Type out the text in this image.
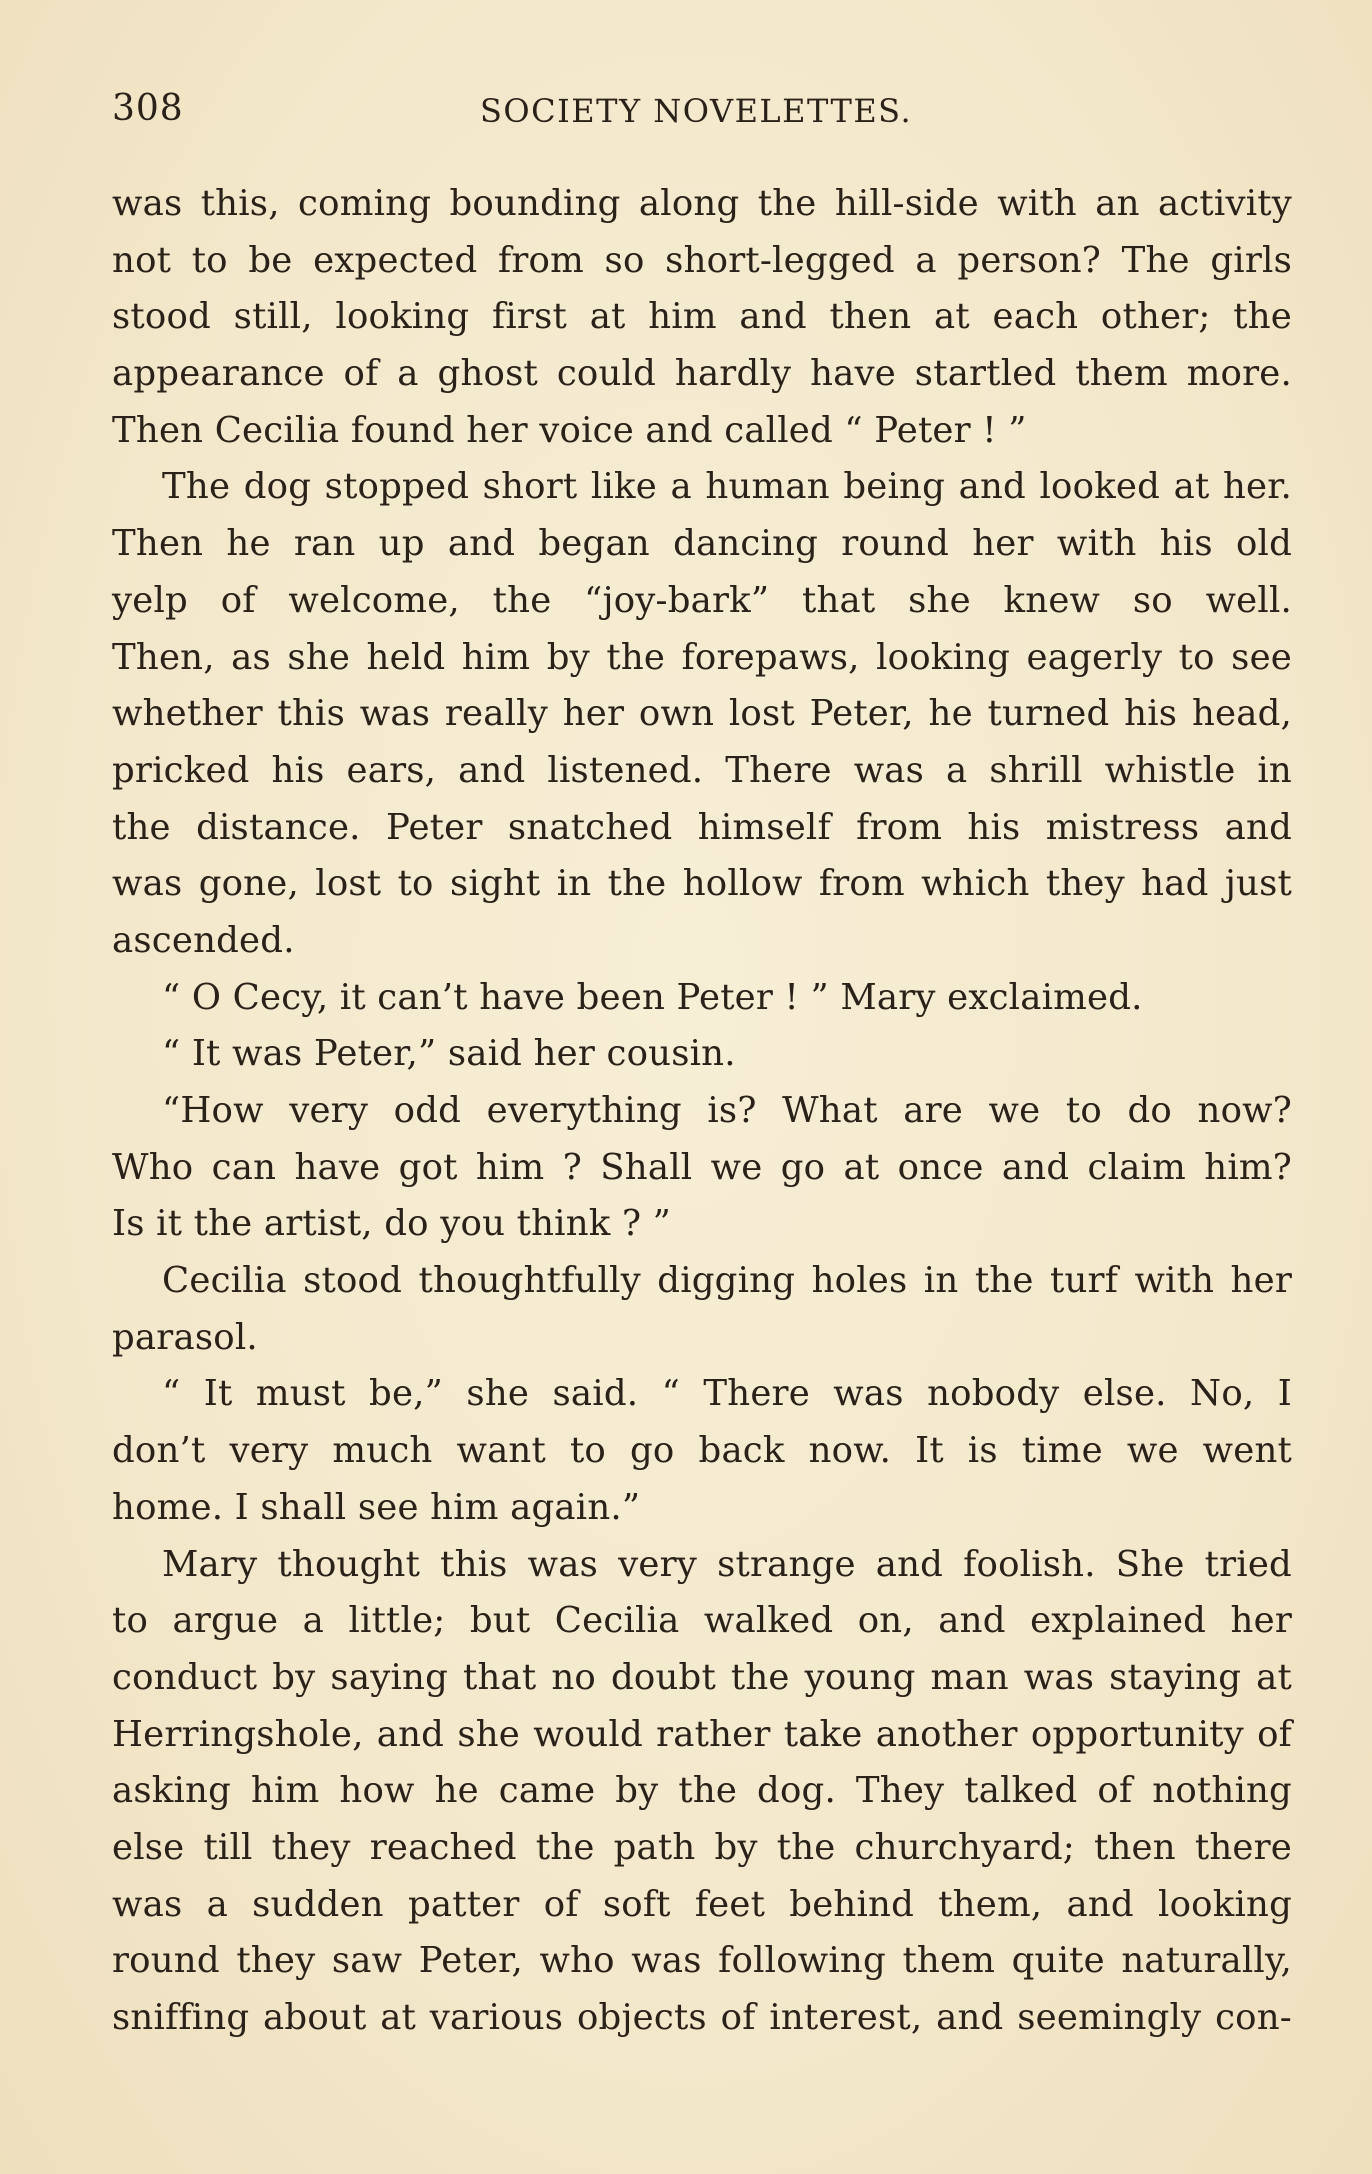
308	SOCIETY NOVELETTES.
was this, coming bounding along the hill-side with an activity
not to be expected from so short-legged a person? The girls
stood still, looking first at him and then at each other; the
appearance of a ghost could hardly have startled them more.
Then Cecilia found her voice and called “ Peter ! ”
The dog stopped short like a human being and looked at her.
Then he ran up and began dancing round her with his old
yelp of welcome, the “joy-bark” that she knew so well.
Then, as she held him by the forepaws, looking eagerly to see
whether this was really her own lost Peter, he turned his head,
pricked his ears, and listened. There was a shrill whistle in
the distance. Peter snatched himself from his mistress and
was gone, lost to sight in the hollow from which they had just
ascended.
“ O Cecy, it can’t have been Peter ! ” Mary exclaimed.
“ It was Peter,” said her cousin.
“How very odd everything is? What are we to do now?
Who can have got him ? Shall we go at once and claim him?
Is it the artist, do you think ? ”
Cecilia stood thoughtfully digging holes in the turf with her
parasol.
“ It must be,” she said. “ There was nobody else. No, I
don’t very much want to go back now. It is time we went
home. I shall see him again.”
Mary thought this was very strange and foolish. She tried
to argue a little; but Cecilia walked on, and explained her
conduct by saying that no doubt the young man was staying at
Herringshole, and she would rather take another opportunity of
asking him how he came by the dog. They talked of nothing
else till they reached the path by the churchyard; then there
was a sudden patter of soft feet behind them, and looking
round they saw Peter, who was following them quite naturally,
sniffing about at various objects of interest, and seemingly con-
